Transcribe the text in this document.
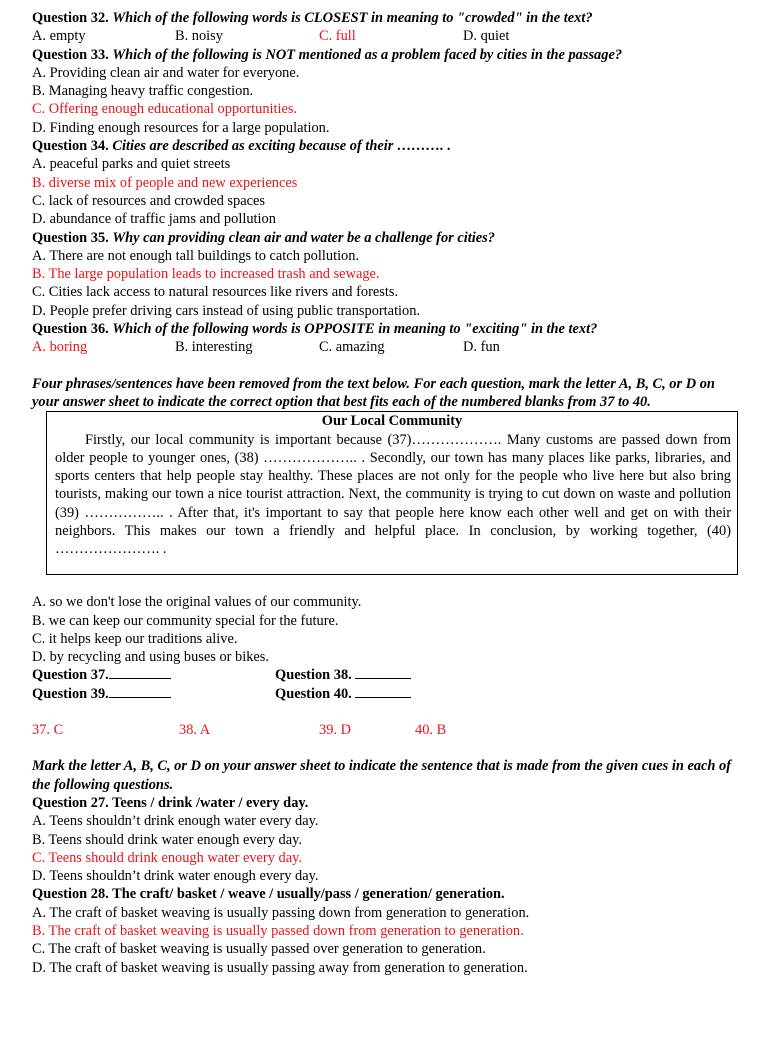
Question 32. Which of the following words is CLOSEST in meaning to "crowded" in the text?
A. empty	B. noisy	C. full	D. quiet
Question 33. Which of the following is NOT mentioned as a problem faced by cities in the passage?
A. Providing clean air and water for everyone.
B. Managing heavy traffic congestion.
C. Offering enough educational opportunities.
D. Finding enough resources for a large population.
Question 34. Cities are described as exciting because of their ………. .
A. peaceful parks and quiet streets
B. diverse mix of people and new experiences
C. lack of resources and crowded spaces
D. abundance of traffic jams and pollution
Question 35. Why can providing clean air and water be a challenge for cities?
A. There are not enough tall buildings to catch pollution.
B. The large population leads to increased trash and sewage.
C. Cities lack access to natural resources like rivers and forests.
D. People prefer driving cars instead of using public transportation.
Question 36. Which of the following words is OPPOSITE in meaning to "exciting" in the text?
A. boring	B. interesting	C. amazing	D. fun
Four phrases/sentences have been removed from the text below. For each question, mark the letter A, B, C, or D on your answer sheet to indicate the correct option that best fits each of the numbered blanks from 37 to 40.
Our Local Community

Firstly, our local community is important because (37)………………. Many customs are passed down from older people to younger ones, (38) ……………….. . Secondly, our town has many places like parks, libraries, and sports centers that help people stay healthy. These places are not only for the people who live here but also bring tourists, making our town a nice tourist attraction. Next, the community is trying to cut down on waste and pollution (39) …………….. . After that, it's important to say that people here know each other well and get on with their neighbors. This makes our town a friendly and helpful place. In conclusion, by working together, (40) …………………. .

A. so we don't lose the original values of our community.
B. we can keep our community special for the future.
C. it helps keep our traditions alive.
D. by recycling and using buses or bikes.
Question 37.	Question 38.
Question 39.	Question 40.
37. C	38. A	39. D	40. B
Mark the letter A, B, C, or D on your answer sheet to indicate the sentence that is made from the given cues in each of the following questions.
Question 27. Teens / drink /water / every day.
A. Teens shouldn’t drink enough water every day.
B. Teens should drink water enough every day.
C. Teens should drink enough water every day.
D. Teens shouldn’t drink water enough every day.
Question 28. The craft/ basket / weave / usually/pass / generation/ generation.
A. The craft of basket weaving is usually passing down from generation to generation.
B. The craft of basket weaving is usually passed down from generation to generation.
C. The craft of basket weaving is usually passed over generation to generation.
D. The craft of basket weaving is usually passing away from generation to generation.
